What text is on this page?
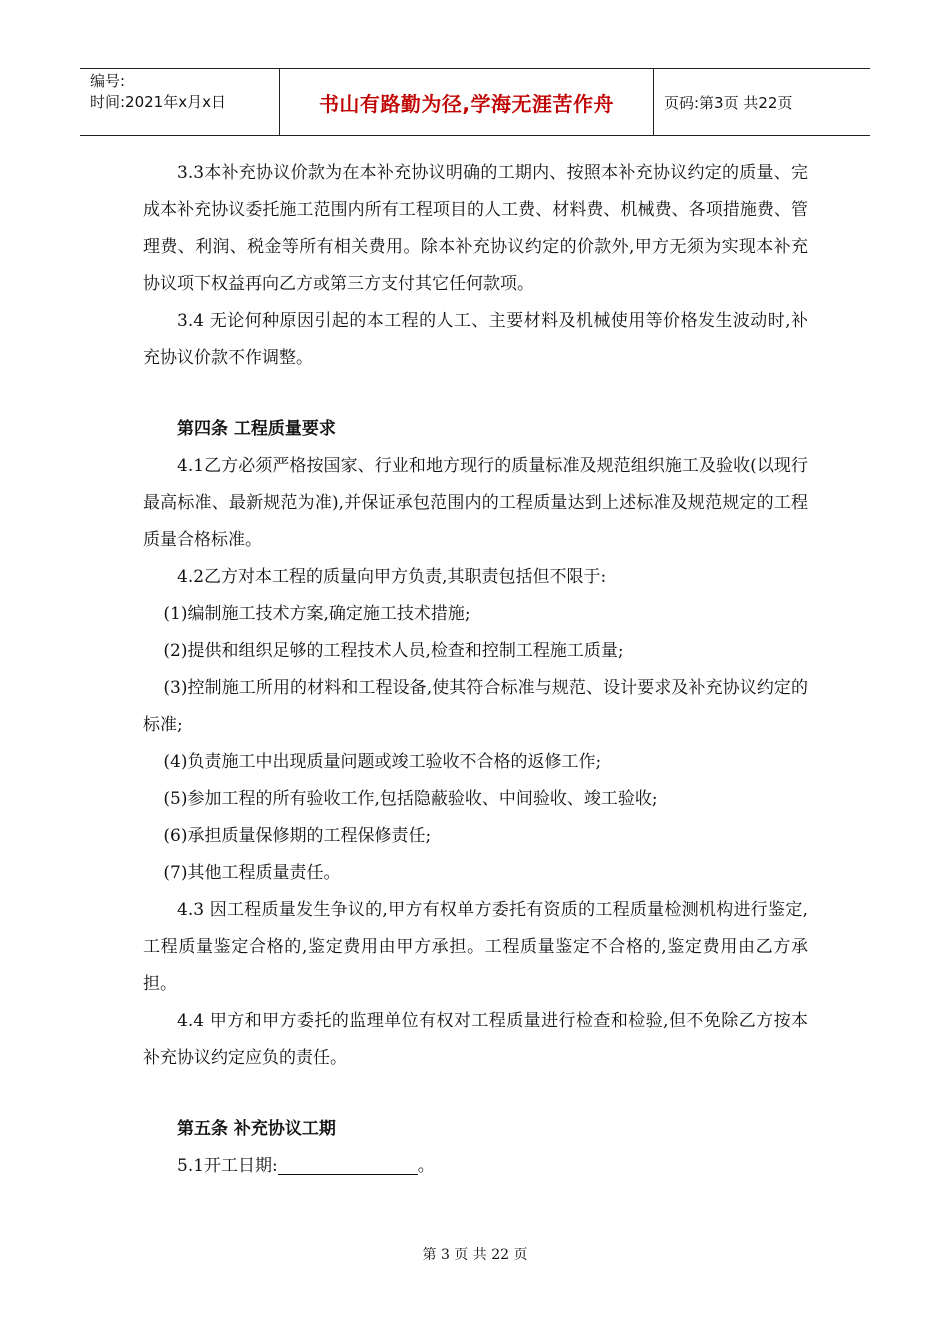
编号:
时间:2021年x月x日	书山有路勤为径,学海无涯苦作舟	页码:第3页 共22页

3.3本补充协议价款为在本补充协议明确的工期内、按照本补充协议约定的质量、完成本补充协议委托施工范围内所有工程项目的人工费、材料费、机械费、各项措施费、管理费、利润、税金等所有相关费用。除本补充协议约定的价款外,甲方无须为实现本补充协议项下权益再向乙方或第三方支付其它任何款项。

3.4 无论何种原因引起的本工程的人工、主要材料及机械使用等价格发生波动时,补充协议价款不作调整。

第四条 工程质量要求

4.1乙方必须严格按国家、行业和地方现行的质量标准及规范组织施工及验收(以现行最高标准、最新规范为准),并保证承包范围内的工程质量达到上述标准及规范规定的工程质量合格标准。

4.2乙方对本工程的质量向甲方负责,其职责包括但不限于:

(1)编制施工技术方案,确定施工技术措施;

(2)提供和组织足够的工程技术人员,检查和控制工程施工质量;

(3)控制施工所用的材料和工程设备,使其符合标准与规范、设计要求及补充协议约定的标准;

(4)负责施工中出现质量问题或竣工验收不合格的返修工作;

(5)参加工程的所有验收工作,包括隐蔽验收、中间验收、竣工验收;

(6)承担质量保修期的工程保修责任;

(7)其他工程质量责任。

4.3 因工程质量发生争议的,甲方有权单方委托有资质的工程质量检测机构进行鉴定,工程质量鉴定合格的,鉴定费用由甲方承担。工程质量鉴定不合格的,鉴定费用由乙方承担。

4.4 甲方和甲方委托的监理单位有权对工程质量进行检查和检验,但不免除乙方按本补充协议约定应负的责任。

第五条 补充协议工期

5.1开工日期:	。

第 3 页 共 22 页
